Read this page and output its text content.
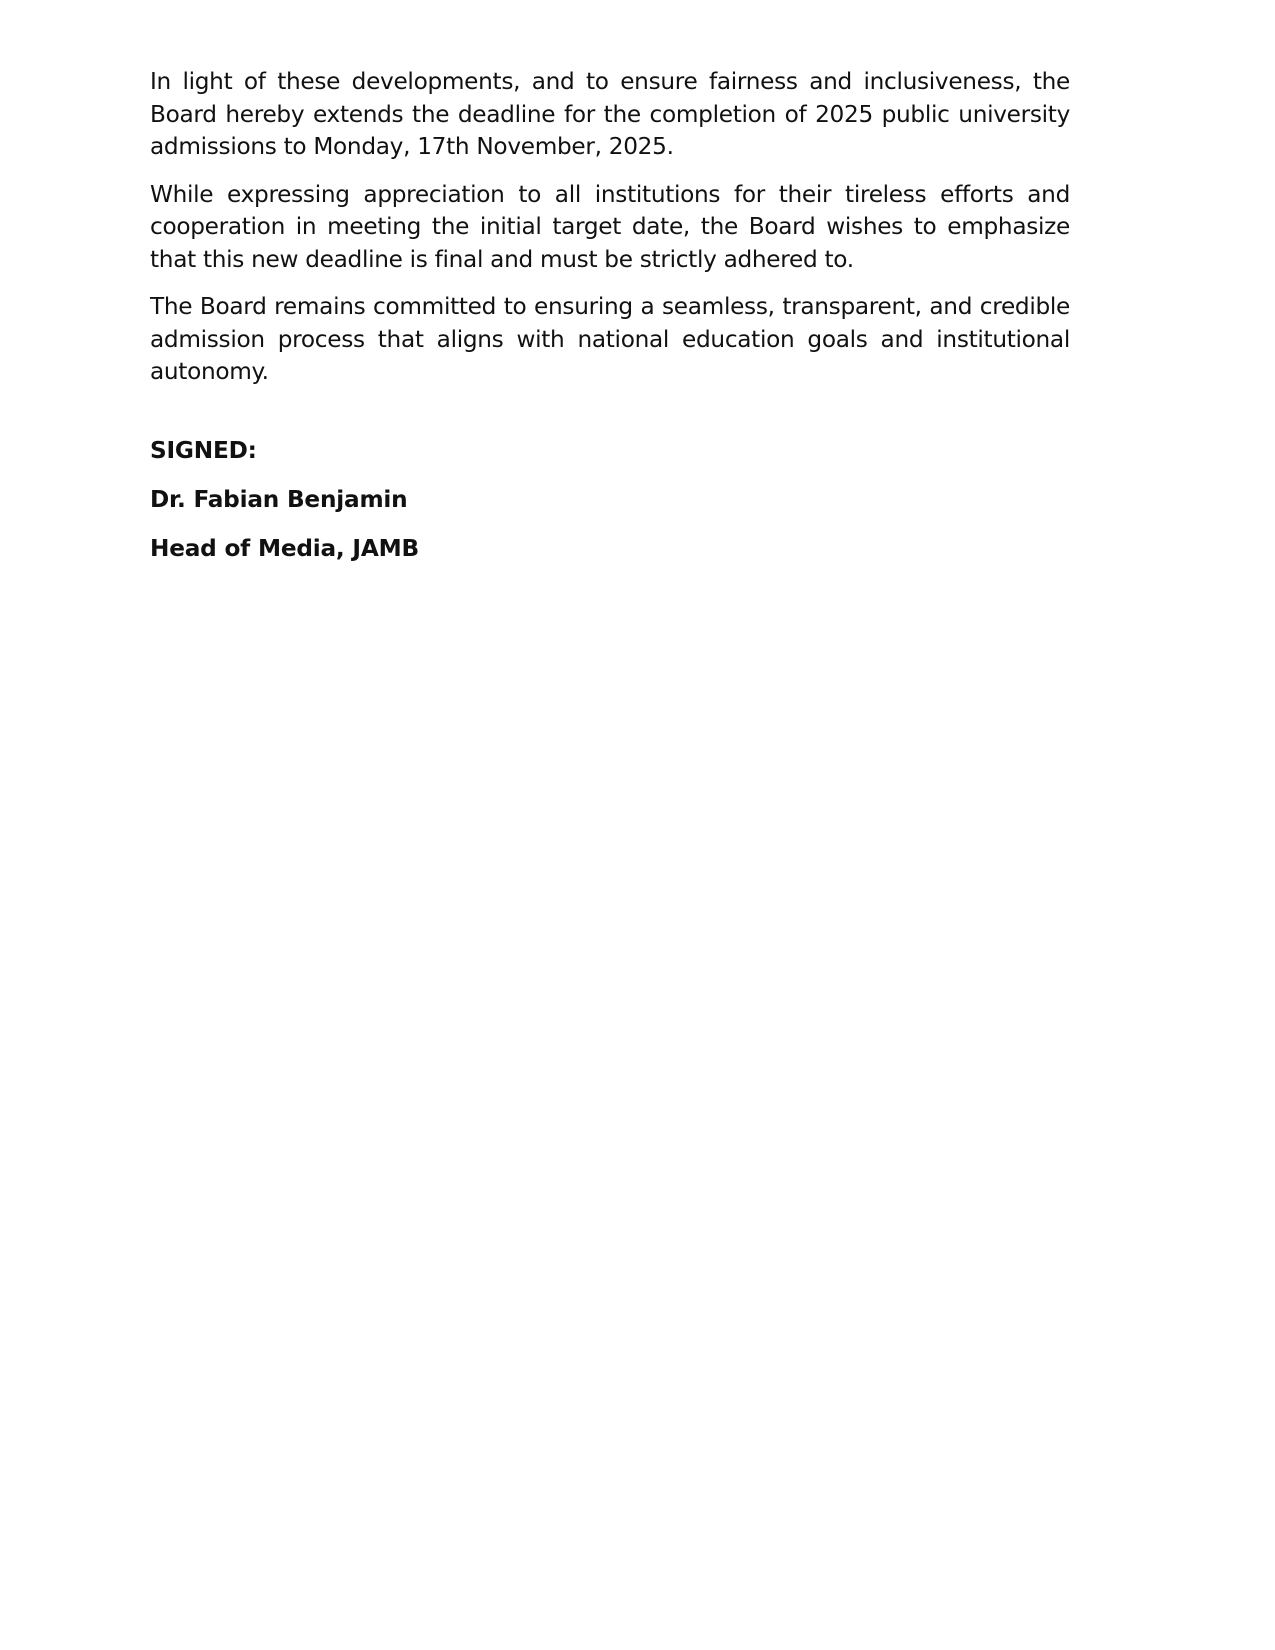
In light of these developments, and to ensure fairness and inclusiveness, the Board hereby extends the deadline for the completion of 2025 public university admissions to Monday, 17th November, 2025.

While expressing appreciation to all institutions for their tireless efforts and cooperation in meeting the initial target date, the Board wishes to emphasize that this new deadline is final and must be strictly adhered to.

The Board remains committed to ensuring a seamless, transparent, and credible admission process that aligns with national education goals and institutional autonomy.

SIGNED:

Dr. Fabian Benjamin

Head of Media, JAMB
